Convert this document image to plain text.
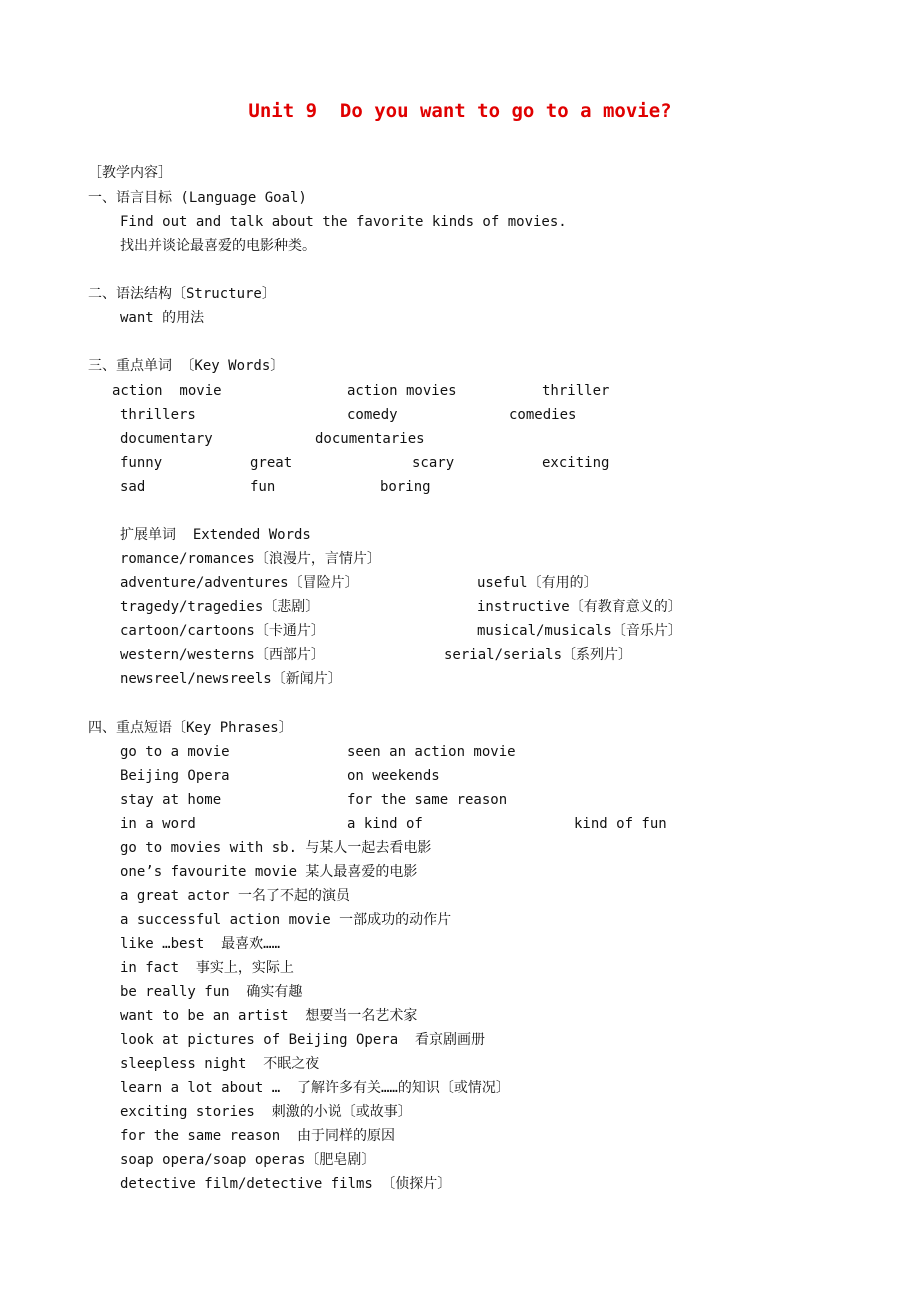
Unit 9  Do you want to go to a movie?
［教学内容］
一、语言目标 (Language Goal)
Find out and talk about the favorite kinds of movies.
找出并谈论最喜爱的电影种类。
二、语法结构〔Structure〕
want 的用法
三、重点单词 〔Key Words〕
action  movie	action movies	thriller
thrillers	comedy	comedies
documentary	documentaries
funny	great	scary	exciting
sad	fun	boring
扩展单词  Extended Words
romance/romances〔浪漫片，言情片〕
adventure/adventures〔冒险片〕	useful〔有用的〕
tragedy/tragedies〔悲剧〕	instructive〔有教育意义的〕
cartoon/cartoons〔卡通片〕	musical/musicals〔音乐片〕
western/westerns〔西部片〕	serial/serials〔系列片〕
newsreel/newsreels〔新闻片〕
四、重点短语〔Key Phrases〕
go to a movie	seen an action movie
Beijing Opera	on weekends
stay at home	for the same reason
in a word	a kind of	kind of fun
go to movies with sb. 与某人一起去看电影
one’s favourite movie 某人最喜爱的电影
a great actor 一名了不起的演员
a successful action movie 一部成功的动作片
like …best  最喜欢……
in fact  事实上，实际上
be really fun  确实有趣
want to be an artist  想要当一名艺术家
look at pictures of Beijing Opera  看京剧画册
sleepless night  不眠之夜
learn a lot about …  了解许多有关……的知识〔或情况〕
exciting stories  刺激的小说〔或故事〕
for the same reason  由于同样的原因
soap opera/soap operas〔肥皂剧〕
detective film/detective films 〔侦探片〕
